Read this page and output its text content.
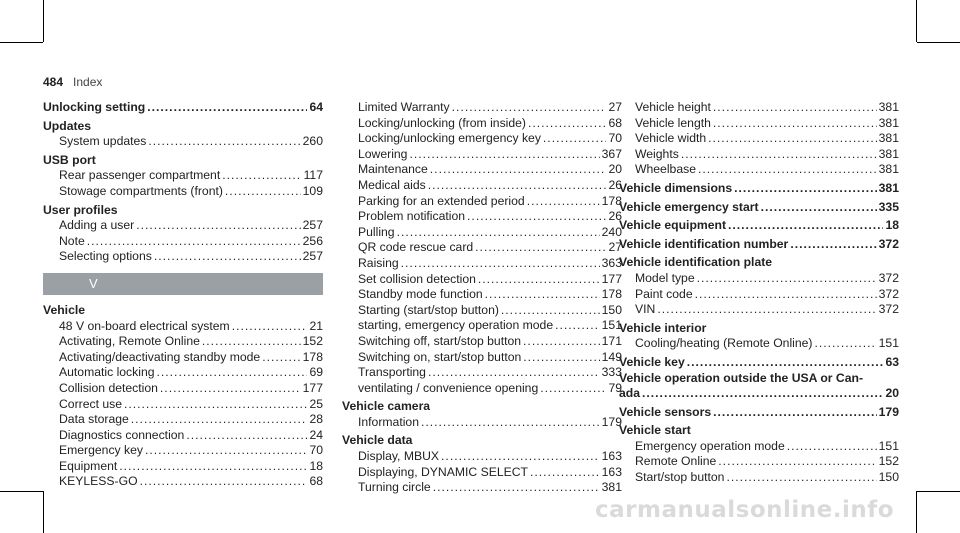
484 Index
Unlocking setting .....	64
Updates
System updates .....	260
USB port
Rear passenger compartment .....	117
Stowage compartments (front) .....	109
User profiles
Adding a user .....	257
Note .....	256
Selecting options .....	257
V
Vehicle
48 V on-board electrical system .....	21
Activating, Remote Online .....	152
Activating/deactivating standby mode .....	178
Automatic locking .....	69
Collision detection .....	177
Correct use .....	25
Data storage .....	28
Diagnostics connection .....	24
Emergency key .....	70
Equipment .....	18
KEYLESS-GO .....	68
Limited Warranty .....	27
Locking/unlocking (from inside) .....	68
Locking/unlocking emergency key .....	70
Lowering .....	367
Maintenance .....	20
Medical aids .....	26
Parking for an extended period .....	178
Problem notification .....	26
Pulling .....	240
QR code rescue card .....	27
Raising .....	363
Set collision detection .....	177
Standby mode function .....	178
Starting (start/stop button) .....	150
starting, emergency operation mode .....	151
Switching off, start/stop button .....	171
Switching on, start/stop button .....	149
Transporting .....	333
ventilating / convenience opening .....	79
Vehicle camera
Information .....	179
Vehicle data
Display, MBUX .....	163
Displaying, DYNAMIC SELECT .....	163
Turning circle .....	381
Vehicle height .....	381
Vehicle length .....	381
Vehicle width .....	381
Weights .....	381
Wheelbase .....	381
Vehicle dimensions .....	381
Vehicle emergency start .....	335
Vehicle equipment .....	18
Vehicle identification number .....	372
Vehicle identification plate
Model type .....	372
Paint code .....	372
VIN .....	372
Vehicle interior
Cooling/heating (Remote Online) .....	151
Vehicle key .....	63
Vehicle operation outside the USA or Can-
ada .....	20
Vehicle sensors .....	179
Vehicle start
Emergency operation mode .....	151
Remote Online .....	152
Start/stop button .....	150
carmanualsonline.info
